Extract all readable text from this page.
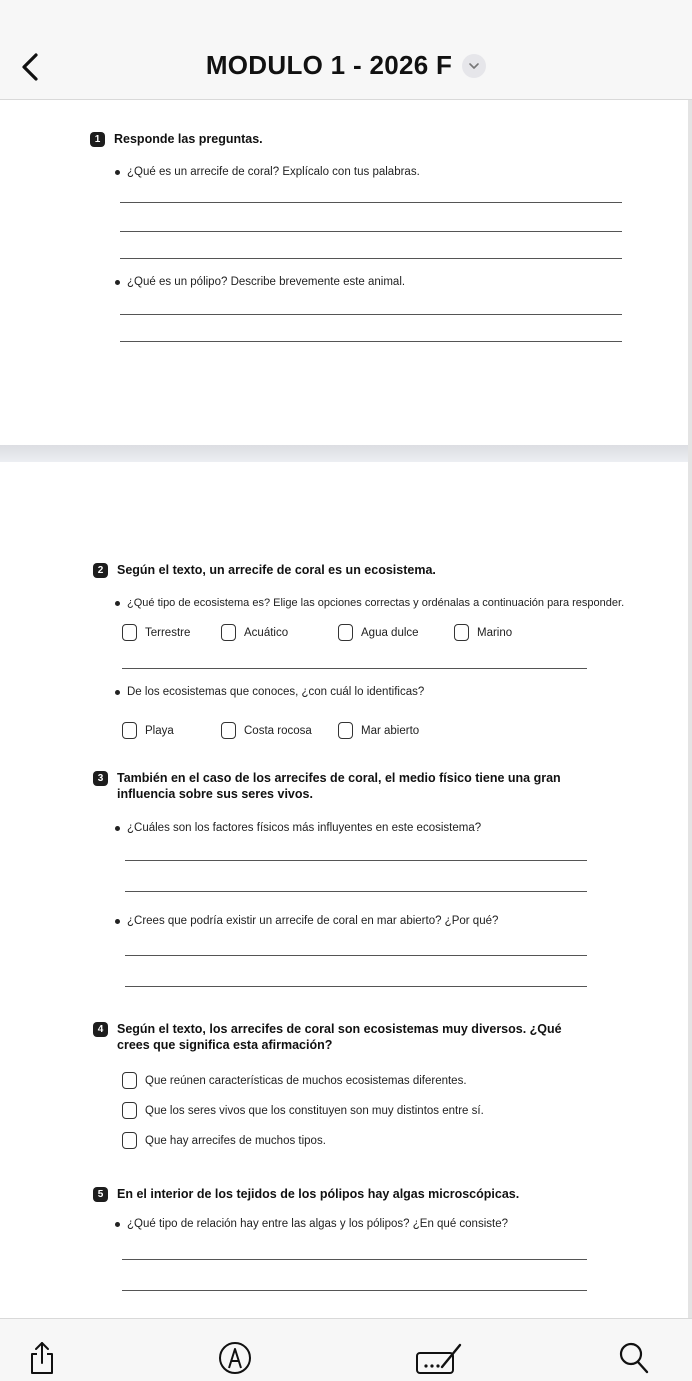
MODULO 1 - 2026 F
1	Responde las preguntas.
¿Qué es un arrecife de coral? Explícalo con tus palabras.
¿Qué es un pólipo? Describe brevemente este animal.
2	Según el texto, un arrecife de coral es un ecosistema.
¿Qué tipo de ecosistema es? Elige las opciones correctas y ordénalas a continuación para responder.
Terrestre	Acuático	Agua dulce	Marino
De los ecosistemas que conoces, ¿con cuál lo identificas?
Playa	Costa rocosa	Mar abierto
3	También en el caso de los arrecifes de coral, el medio físico tiene una gran influencia sobre sus seres vivos.
¿Cuáles son los factores físicos más influyentes en este ecosistema?
¿Crees que podría existir un arrecife de coral en mar abierto? ¿Por qué?
4	Según el texto, los arrecifes de coral son ecosistemas muy diversos. ¿Qué crees que significa esta afirmación?
Que reúnen características de muchos ecosistemas diferentes.
Que los seres vivos que los constituyen son muy distintos entre sí.
Que hay arrecifes de muchos tipos.
5	En el interior de los tejidos de los pólipos hay algas microscópicas.
¿Qué tipo de relación hay entre las algas y los pólipos? ¿En qué consiste?
